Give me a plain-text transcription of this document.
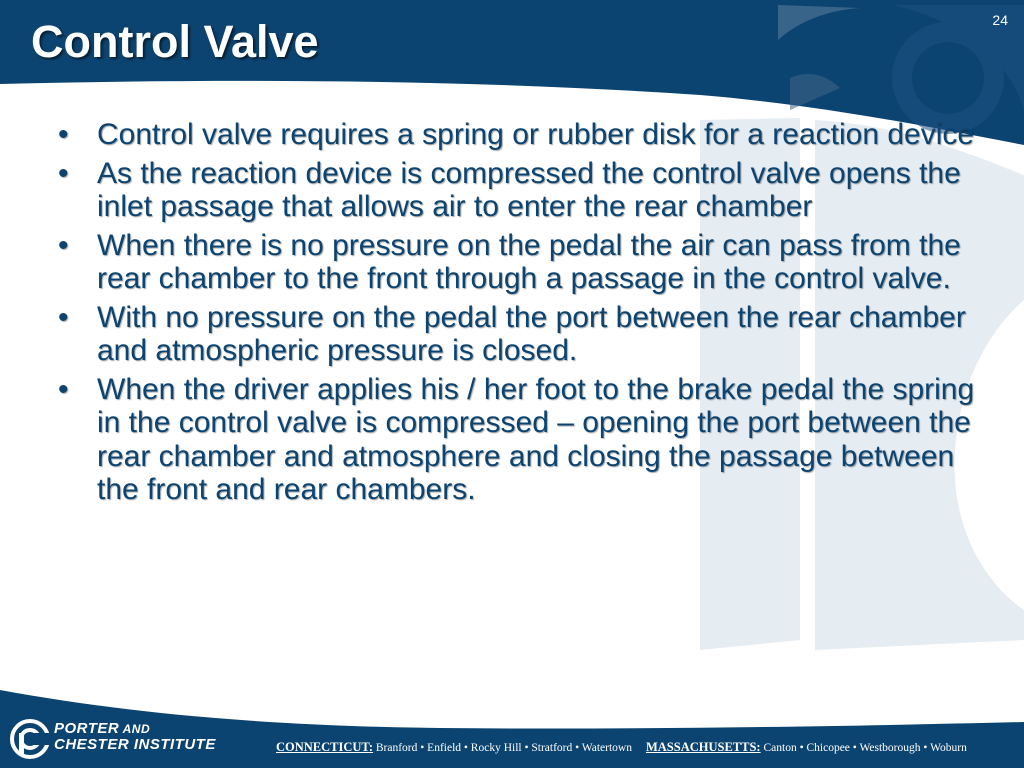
24
Control Valve
• Control valve requires a spring or rubber disk for a reaction device
• As the reaction device is compressed the control valve opens the inlet passage that allows air to enter the rear chamber
• When there is no pressure on the pedal the air can pass from the rear chamber to the front through a passage in the control valve.
• With no pressure on the pedal the port between the rear chamber and atmospheric pressure is closed.
• When the driver applies his / her foot to the brake pedal the spring in the control valve is compressed – opening the port between the rear chamber and atmosphere and closing the passage between the front and rear chambers.
PORTER AND
CHESTER INSTITUTE	CONNECTICUT: Branford • Enfield • Rocky Hill • Stratford • Watertown MASSACHUSETTS: Canton • Chicopee • Westborough • Woburn
